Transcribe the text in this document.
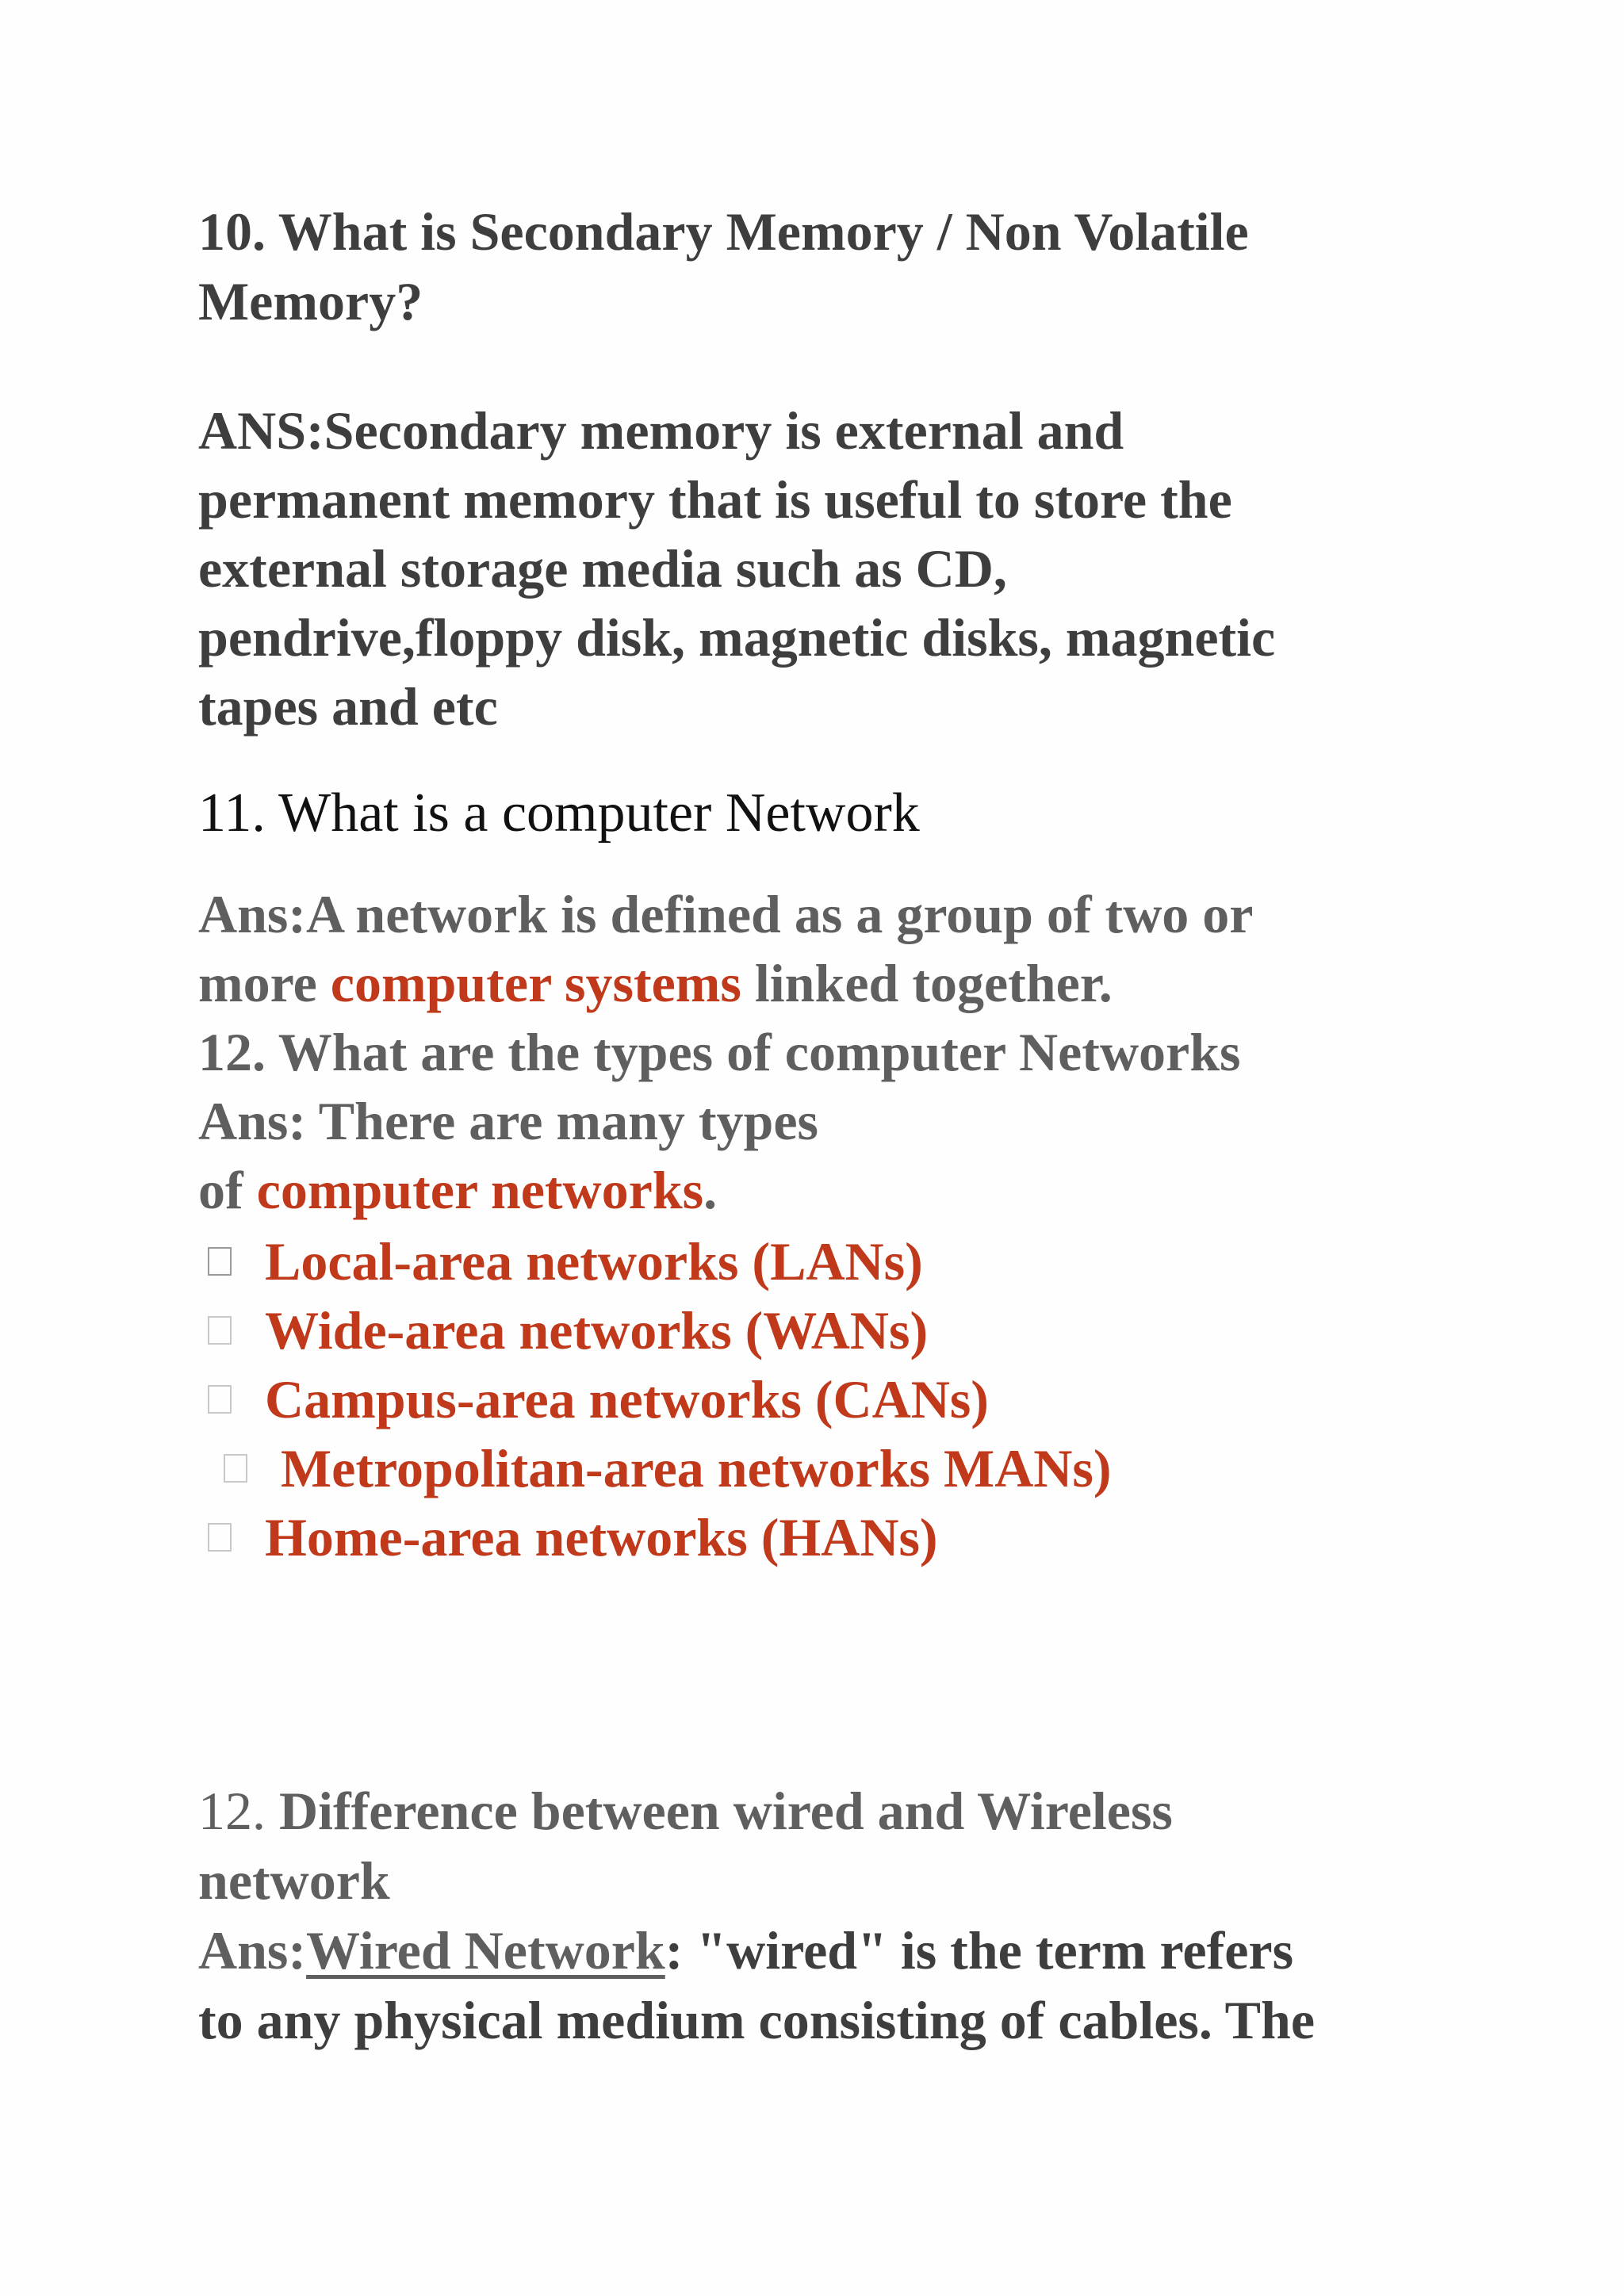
10. What is Secondary Memory / Non Volatile
Memory?
ANS:Secondary memory is external and
permanent memory that is useful to store the
external storage media such as CD,
pendrive,floppy disk, magnetic disks, magnetic
tapes and etc
11. What is a computer Network
Ans:A network is defined as a group of two or
more computer systems linked together.
12. What are the types of computer Networks
Ans: There are many types
of computer networks.
Local-area networks (LANs)
Wide-area networks (WANs)
Campus-area networks (CANs)
Metropolitan-area networks MANs)
Home-area networks (HANs)
12. Difference between wired and Wireless
network
Ans:Wired Network: "wired" is the term refers
to any physical medium consisting of cables. The
